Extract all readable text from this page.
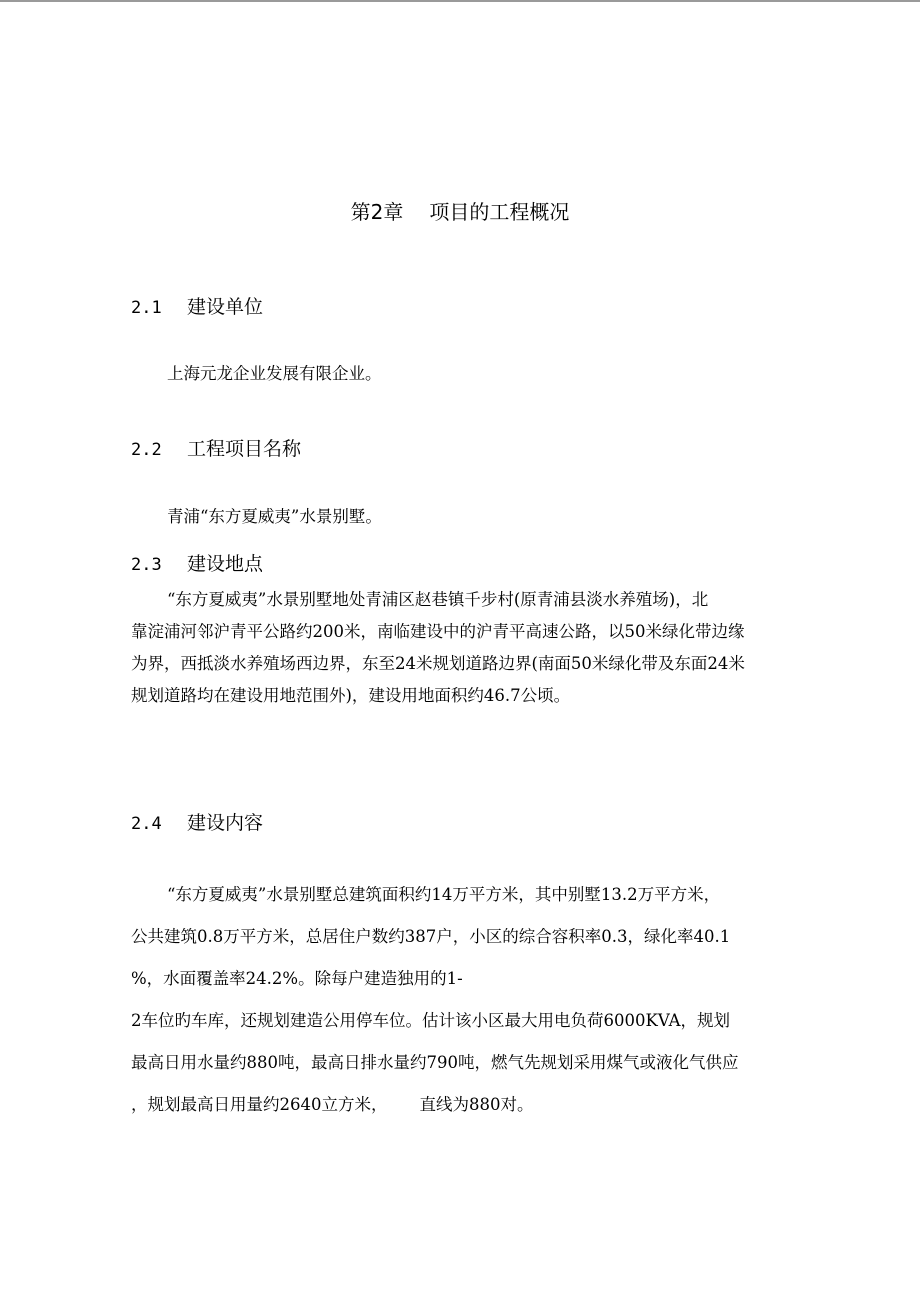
第2章 项目的工程概况
2.1 建设单位
上海元龙企业发展有限企业。
2.2 工程项目名称
青浦“东方夏威夷”水景别墅。
2.3 建设地点
“东方夏威夷”水景别墅地处青浦区赵巷镇千步村(原青浦县淡水养殖场)，北
靠淀浦河邻沪青平公路约200米，南临建设中的沪青平高速公路，以50米绿化带边缘
为界，西抵淡水养殖场西边界，东至24米规划道路边界(南面50米绿化带及东面24米
规划道路均在建设用地范围外)，建设用地面积约46.7公顷。
2.4 建设内容
“东方夏威夷”水景别墅总建筑面积约14万平方米，其中别墅13.2万平方米，
公共建筑0.8万平方米，总居住户数约387户，小区的综合容积率0.3，绿化率40.1
%，水面覆盖率24.2%。除每户建造独用的1-
2车位旳车库，还规划建造公用停车位。估计该小区最大用电负荷6000KVA，规划
最高日用水量约880吨，最高日排水量约790吨，燃气先规划采用煤气或液化气供应
，规划最高日用量约2640立方米， 直线为880对。
